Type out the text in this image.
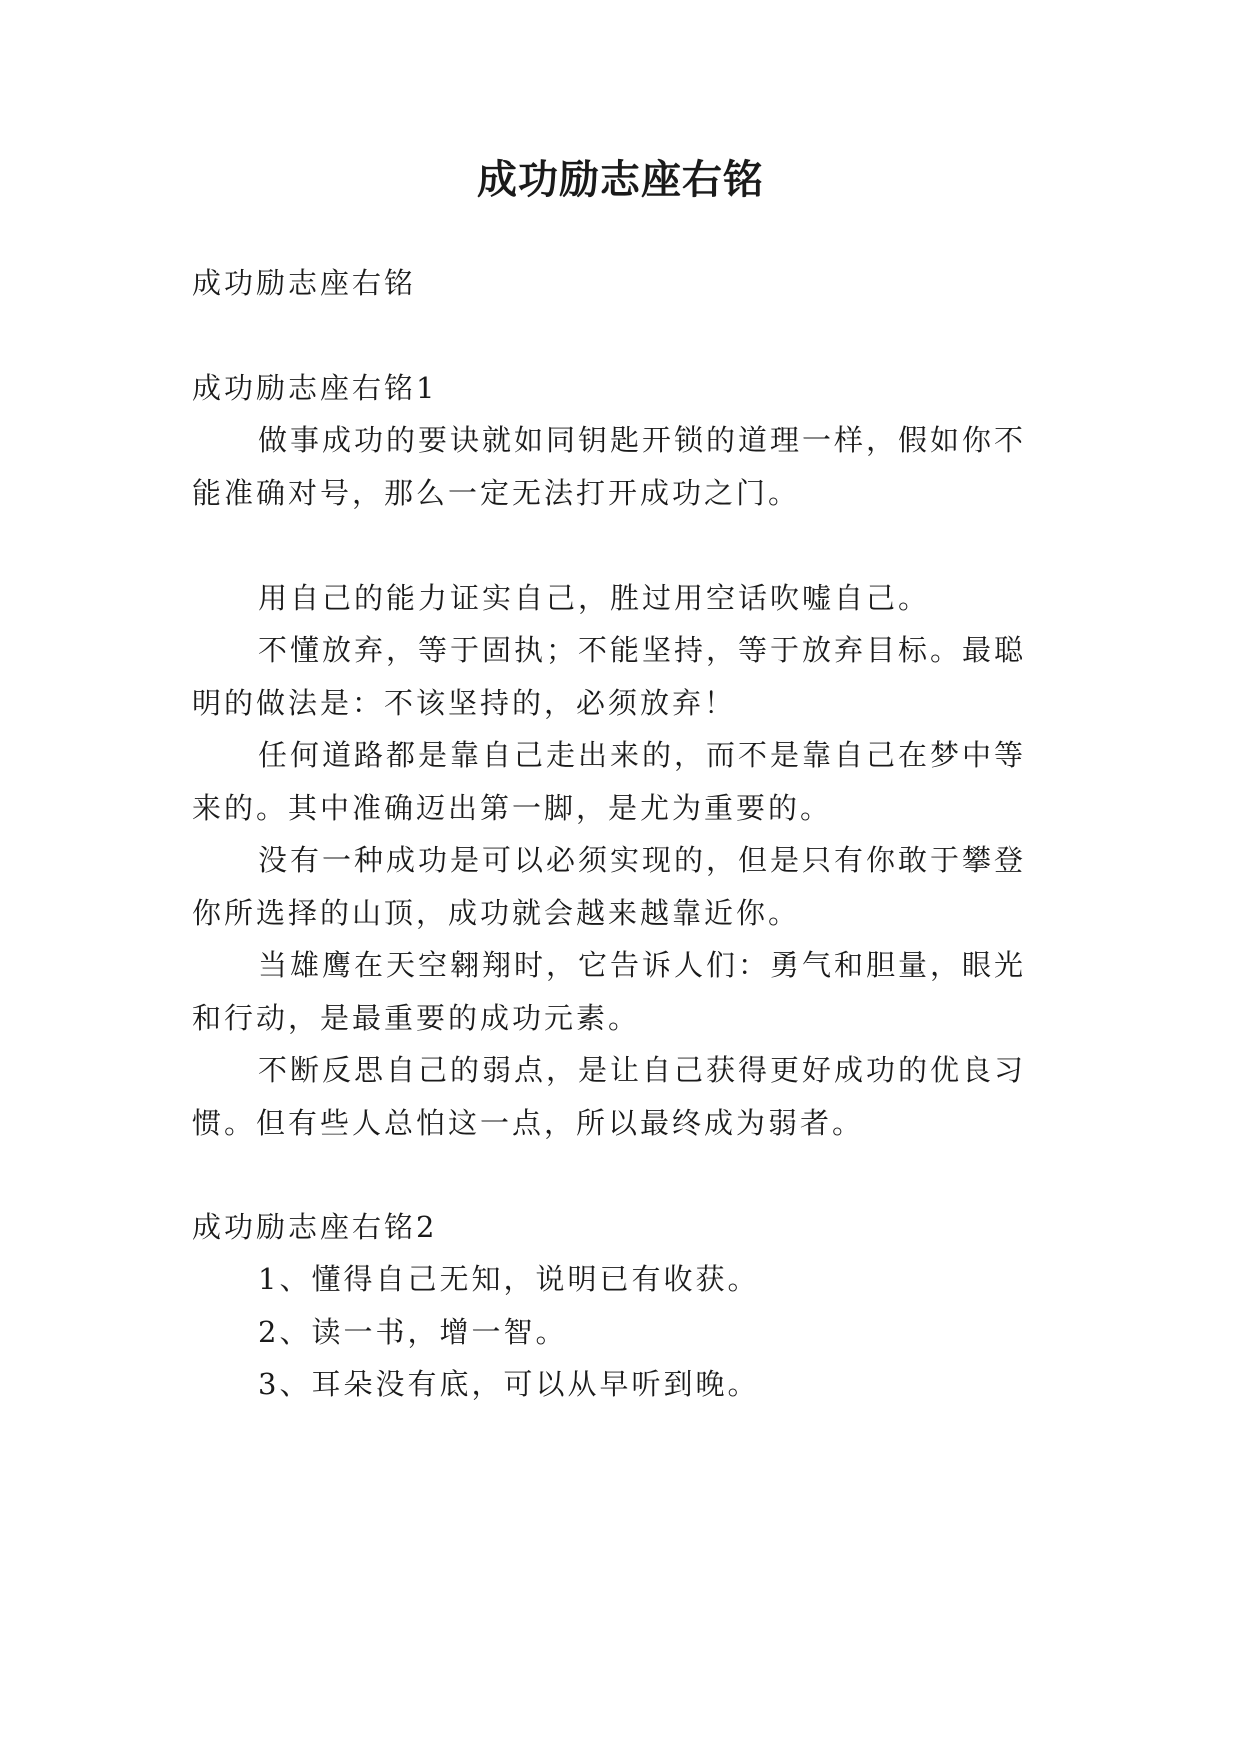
成功励志座右铭

成功励志座右铭

成功励志座右铭1

做事成功的要诀就如同钥匙开锁的道理一样，假如你不

能准确对号，那么一定无法打开成功之门。

用自己的能力证实自己，胜过用空话吹嘘自己。

不懂放弃，等于固执；不能坚持，等于放弃目标。最聪

明的做法是：不该坚持的，必须放弃！

任何道路都是靠自己走出来的，而不是靠自己在梦中等

来的。其中准确迈出第一脚，是尤为重要的。

没有一种成功是可以必须实现的，但是只有你敢于攀登

你所选择的山顶，成功就会越来越靠近你。

当雄鹰在天空翱翔时，它告诉人们：勇气和胆量，眼光

和行动，是最重要的成功元素。

不断反思自己的弱点，是让自己获得更好成功的优良习

惯。但有些人总怕这一点，所以最终成为弱者。

成功励志座右铭2

1、懂得自己无知，说明已有收获。

2、读一书，增一智。

3、耳朵没有底，可以从早听到晚。
